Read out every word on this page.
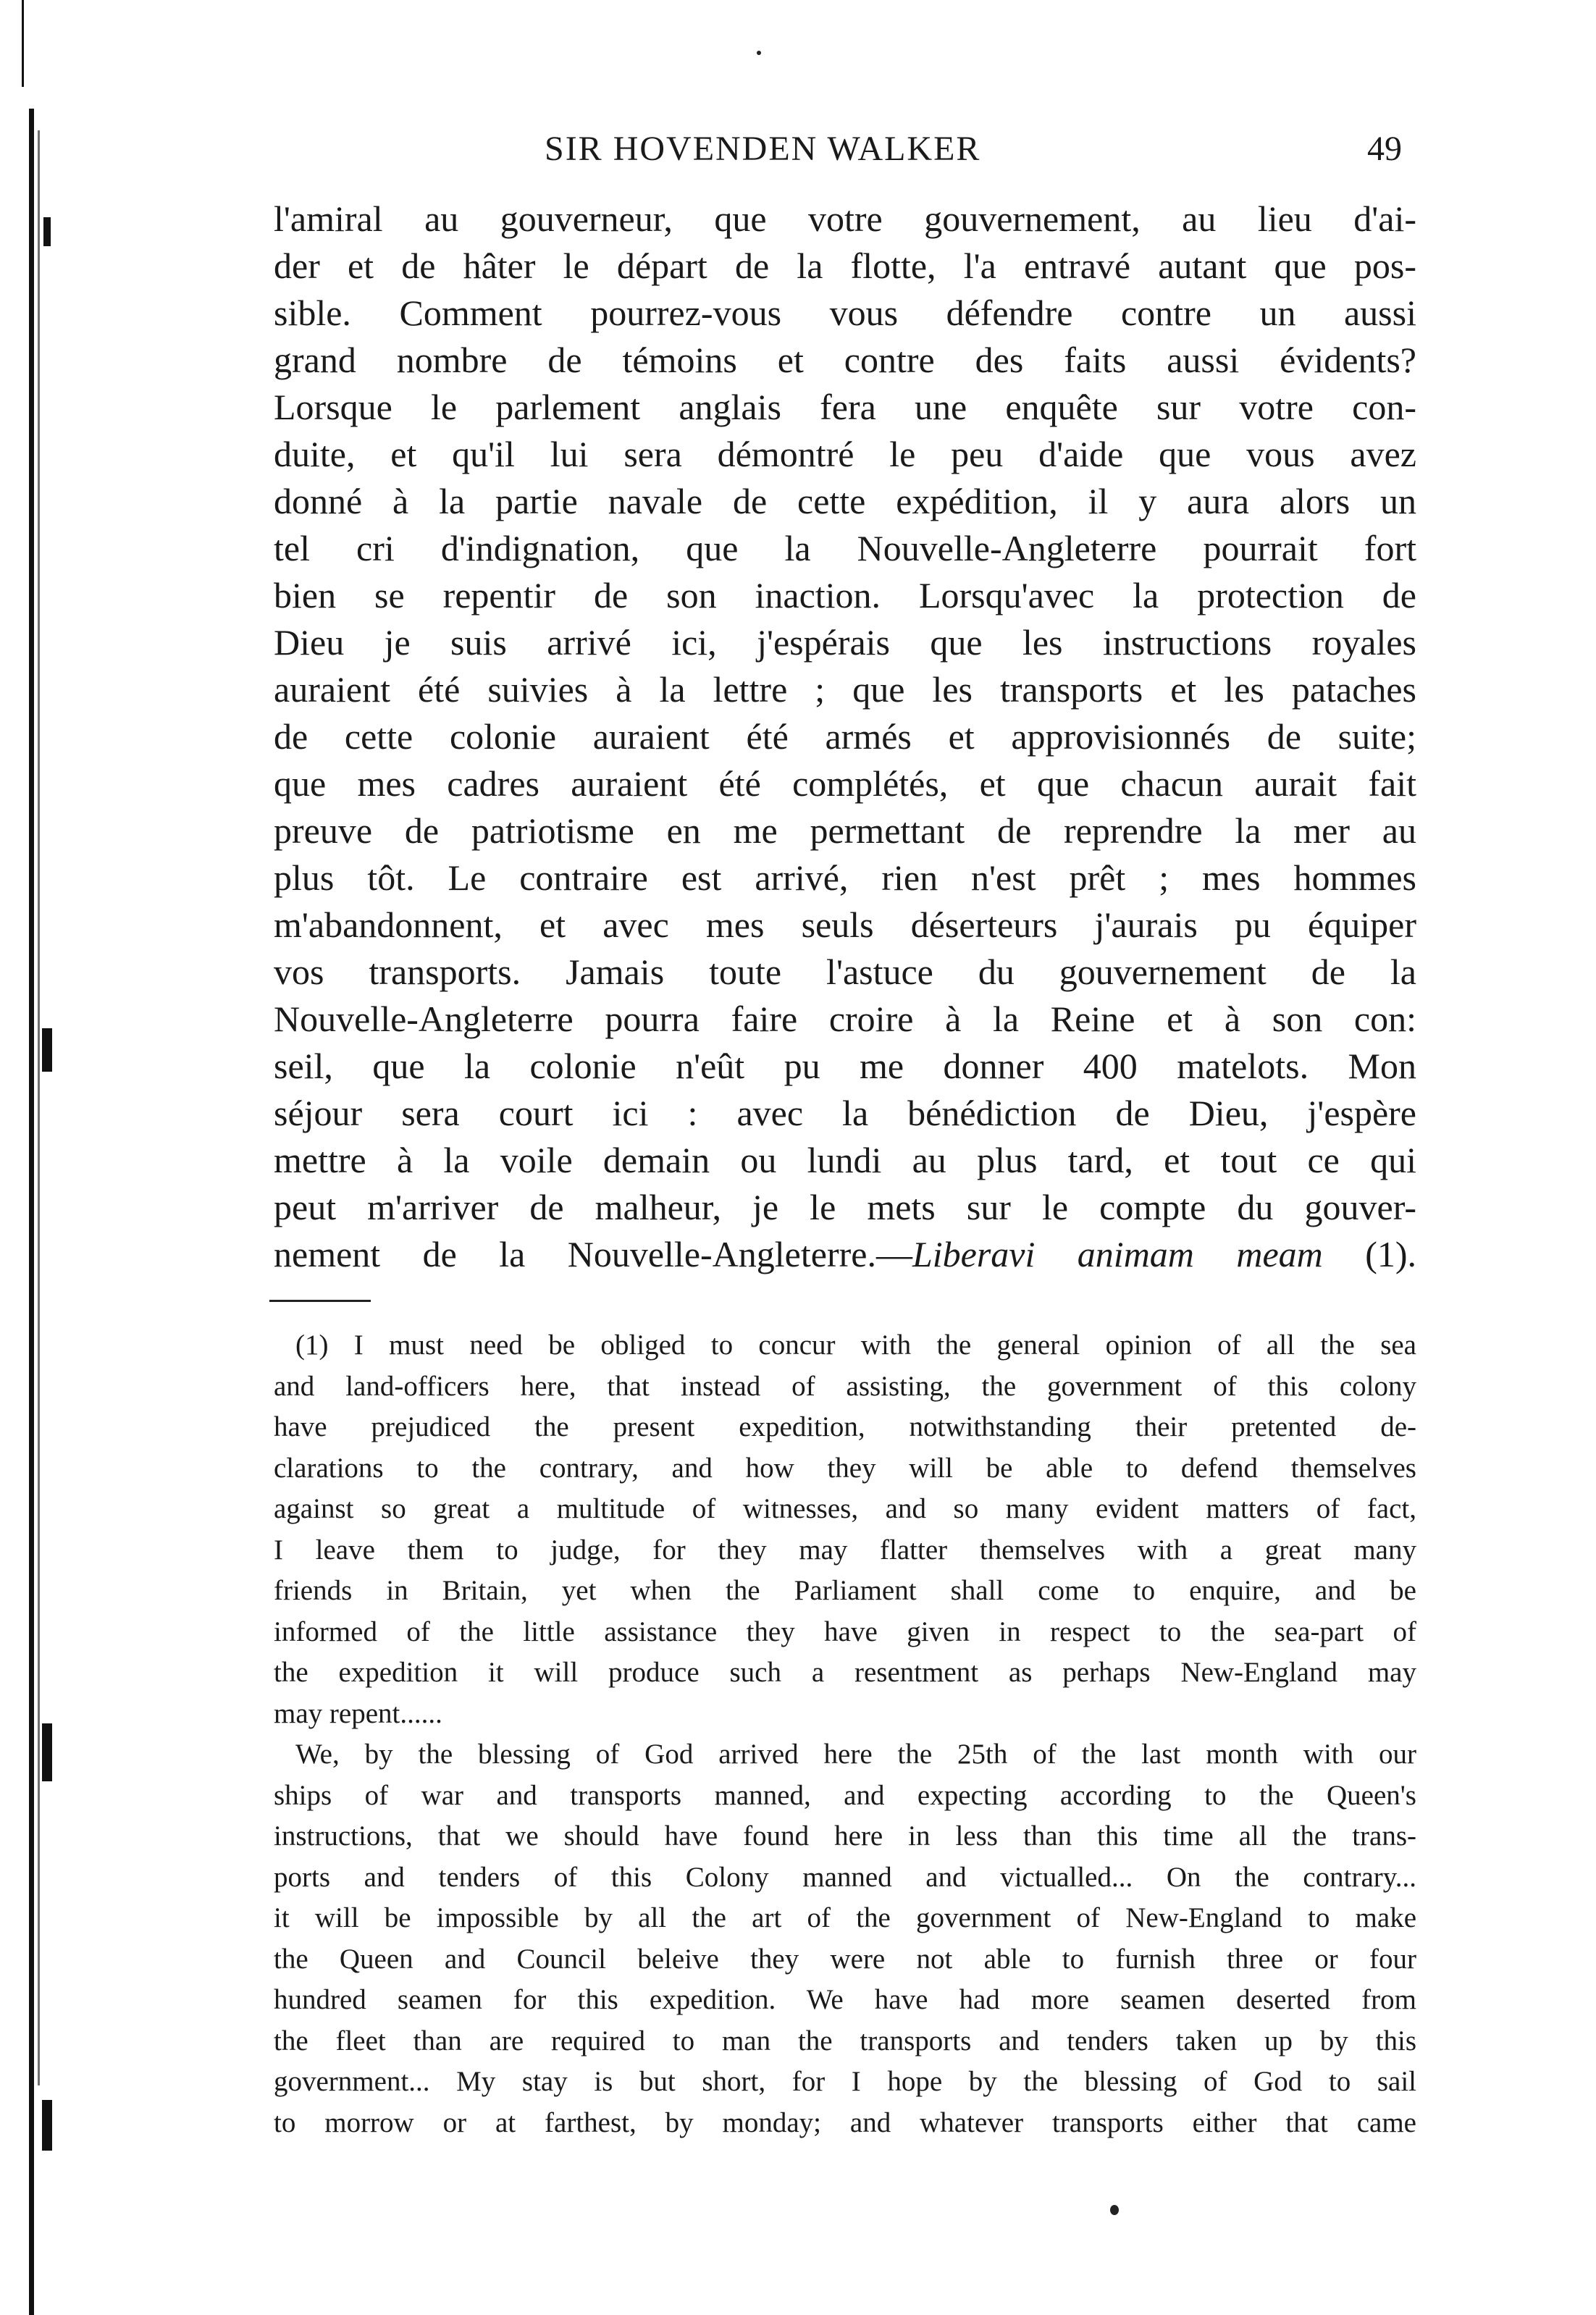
SIR HOVENDEN WALKER	49
l'amiral au gouverneur, que votre gouvernement, au lieu d'ai-
der et de hâter le départ de la flotte, l'a entravé autant que pos-
sible. Comment pourrez-vous vous défendre contre un aussi
grand nombre de témoins et contre des faits aussi évidents?
Lorsque le parlement anglais fera une enquête sur votre con-
duite, et qu'il lui sera démontré le peu d'aide que vous avez
donné à la partie navale de cette expédition, il y aura alors un
tel cri d'indignation, que la Nouvelle-Angleterre pourrait fort
bien se repentir de son inaction. Lorsqu'avec la protection de
Dieu je suis arrivé ici, j'espérais que les instructions royales
auraient été suivies à la lettre ; que les transports et les pataches
de cette colonie auraient été armés et approvisionnés de suite;
que mes cadres auraient été complétés, et que chacun aurait fait
preuve de patriotisme en me permettant de reprendre la mer au
plus tôt. Le contraire est arrivé, rien n'est prêt ; mes hommes
m'abandonnent, et avec mes seuls déserteurs j'aurais pu équiper
vos transports. Jamais toute l'astuce du gouvernement de la
Nouvelle-Angleterre pourra faire croire à la Reine et à son con:
seil, que la colonie n'eût pu me donner 400 matelots. Mon
séjour sera court ici : avec la bénédiction de Dieu, j'espère
mettre à la voile demain ou lundi au plus tard, et tout ce qui
peut m'arriver de malheur, je le mets sur le compte du gouver-
nement de la Nouvelle-Angleterre.—Liberavi animam meam (1).
(1) I must need be obliged to concur with the general opinion of all the sea
and land-officers here, that instead of assisting, the government of this colony
have prejudiced the present expedition, notwithstanding their pretented de-
clarations to the contrary, and how they will be able to defend themselves
against so great a multitude of witnesses, and so many evident matters of fact,
I leave them to judge, for they may flatter themselves with a great many
friends in Britain, yet when the Parliament shall come to enquire, and be
informed of the little assistance they have given in respect to the sea-part of
the expedition it will produce such a resentment as perhaps New-England may
may repent......
We, by the blessing of God arrived here the 25th of the last month with our
ships of war and transports manned, and expecting according to the Queen's
instructions, that we should have found here in less than this time all the trans-
ports and tenders of this Colony manned and victualled... On the contrary...
it will be impossible by all the art of the government of New-England to make
the Queen and Council beleive they were not able to furnish three or four
hundred seamen for this expedition. We have had more seamen deserted from
the fleet than are required to man the transports and tenders taken up by this
government... My stay is but short, for I hope by the blessing of God to sail
to morrow or at farthest, by monday; and whatever transports either that came
